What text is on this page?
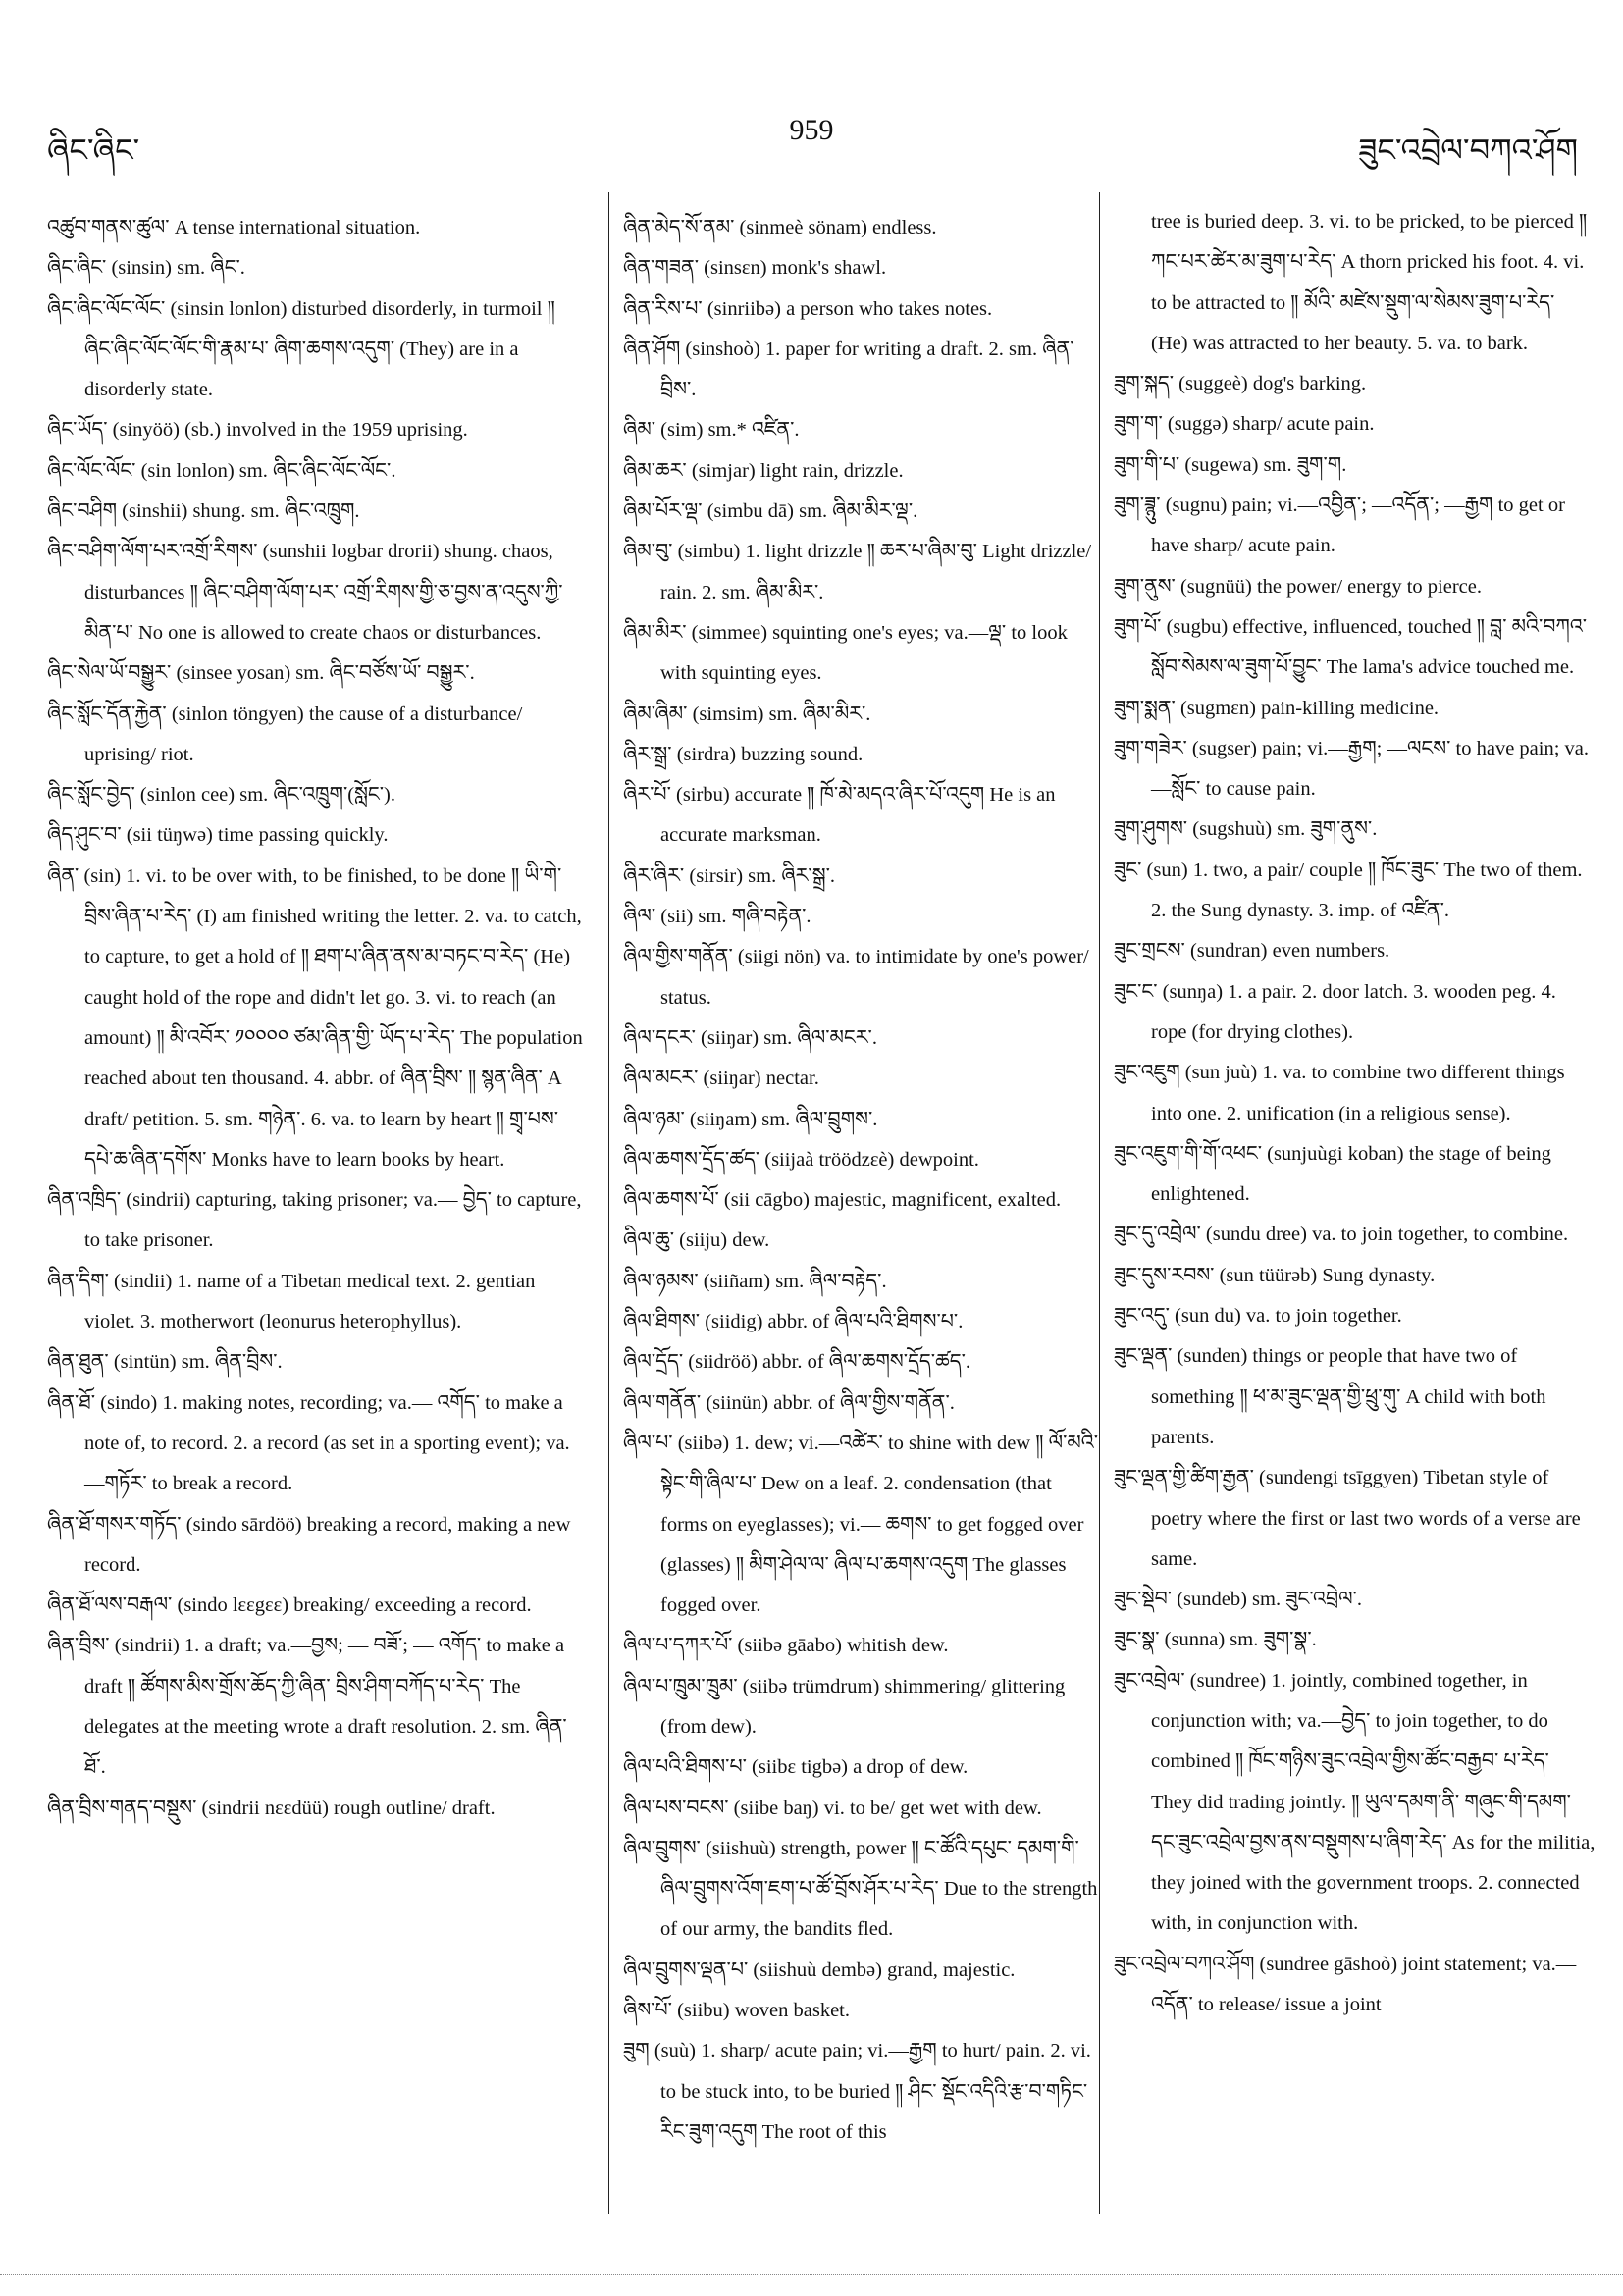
ཞིང་ཞིང་
959
ཟུང་འབྲེལ་བཀའ་ཤོག

འཚུབ་གནས་ཚུལ་ A tense international situation.

ཞིང་ཞིང་ (sinsin) sm. ཞིང་.

ཞིང་ཞིང་ལོང་ལོང་ (sinsin lonlon) disturbed disorderly, in turmoil ༎ ཞིང་ཞིང་ལོང་ལོང་གི་རྣམ་པ་ ཞིག་ཆགས་འདུག་ (They) are in a disorderly state.

ཞིང་ཡོད་ (sinyöö) (sb.) involved in the 1959 uprising.

ཞིང་ལོང་ལོང་ (sin lonlon) sm. ཞིང་ཞིང་ལོང་ལོང་.

ཞིང་བཤིག (sinshii) shung. sm. ཞིང་འཁྲུག.

ཞིང་བཤིག་ལོག་པར་འགྲོ་རིགས་ (sunshii logbar drorii) shung. chaos, disturbances ༎ ཞིང་བཤིག་ལོག་པར་ འགྲོ་རིགས་གྱི་ཅ་བྱས་ན་འདུས་ཀྱི་མིན་པ་ No one is allowed to create chaos or disturbances.

ཞིང་སེལ་ཡོ་བསྒྱུར་ (sinsee yosan) sm. ཞིང་བཙོས་ཡོ་ བསྒྱུར་.

ཞིང་སློང་དོན་རྐྱེན་ (sinlon töngyen) the cause of a disturbance/ uprising/ riot.

ཞིང་སློང་བྱེད་ (sinlon cee) sm. ཞིང་འཁྲུག་(སློང་).

ཞིད་ཤུང་བ་ (sii tüŋwə) time passing quickly.

ཞིན་ (sin) 1. vi. to be over with, to be finished, to be done ༎ ཡི་གེ་བྲིས་ཞིན་པ་རེད་ (I) am finished writing the letter. 2. va. to catch, to capture, to get a hold of ༎ ཐག་པ་ཞིན་ནས་མ་བཏང་བ་རེད་ (He) caught hold of the rope and didn't let go. 3. vi. to reach (an amount) ༎ མི་འབོར་ ༡༠༠༠༠ ཙམ་ཞིན་གྱི་ ཡོད་པ་རེད་ The population reached about ten thousand. 4. abbr. of ཞིན་བྲིས་ ༎ སྙན་ཞིན་ A draft/ petition. 5. sm. གཉེན་. 6. va. to learn by heart ༎ གྲྭ་པས་དཔེ་ཆ་ཞིན་དགོས་ Monks have to learn books by heart.

ཞིན་འཁྲིད་ (sindrii) capturing, taking prisoner; va.— བྱེད་ to capture, to take prisoner.

ཞིན་དིག་ (sindii) 1. name of a Tibetan medical text. 2. gentian violet. 3. motherwort (leonurus heterophyllus).

ཞིན་ཐུན་ (sintün) sm. ཞིན་བྲིས་.

ཞིན་ཐོ་ (sindo) 1. making notes, recording; va.— འགོད་ to make a note of, to record. 2. a record (as set in a sporting event); va.—གཏོར་ to break a record.

ཞིན་ཐོ་གསར་གཏོད་ (sindo sārdöö) breaking a record, making a new record.

ཞིན་ཐོ་ལས་བརྒལ་ (sindo lεεgεε) breaking/ exceeding a record.

ཞིན་བྲིས་ (sindrii) 1. a draft; va.—བྱས; — བཟོ་; — འགོད་ to make a draft ༎ ཚོགས་མིས་གྲོས་ཆོད་ཀྱི་ཞིན་ བྲིས་ཤིག་བཀོད་པ་རེད་ The delegates at the meeting wrote a draft resolution. 2. sm. ཞིན་ཐོ་.

ཞིན་བྲིས་གནད་བསྡུས་ (sindrii nεεdüü) rough outline/ draft.

ཞིན་མེད་སོ་ནམ་ (sinmeè sönam) endless.

ཞིན་གཟན་ (sinsεn) monk's shawl.

ཞིན་རིས་པ་ (sinriibə) a person who takes notes.

ཞིན་ཤོག (sinshoò) 1. paper for writing a draft. 2. sm. ཞིན་བྲིས་.

ཞིམ་ (sim) sm.* འཛིན་.

ཞིམ་ཆར་ (simjar) light rain, drizzle.

ཞིམ་པོར་ལྡ་ (simbu dā) sm. ཞིམ་མིར་ལྡ་.

ཞིམ་བུ་ (simbu) 1. light drizzle ༎ ཆར་པ་ཞིམ་བུ་ Light drizzle/ rain. 2. sm. ཞིམ་མིར་.

ཞིམ་མིར་ (simmee) squinting one's eyes; va.—ལྡ་ to look with squinting eyes.

ཞིམ་ཞིམ་ (simsim) sm. ཞིམ་མིར་.

ཞིར་སྒྲ་ (sirdra) buzzing sound.

ཞིར་པོ་ (sirbu) accurate ༎ ཁོ་མེ་མདའ་ཞིར་པོ་འདུག He is an accurate marksman.

ཞིར་ཞིར་ (sirsir) sm. ཞིར་སྒྲ་.

ཞིལ་ (sii) sm. གཞི་བརྟེན་.

ཞིལ་གྱིས་གནོན་ (siigi nön) va. to intimidate by one's power/ status.

ཞིལ་དངར་ (siiŋar) sm. ཞིལ་མངར་.

ཞིལ་མངར་ (siiŋar) nectar.

ཞིལ་ཉམ་ (siiŋam) sm. ཞིལ་བྲུགས་.

ཞིལ་ཆགས་དྲོད་ཚད་ (siijaà tröödzεè) dewpoint.

ཞིལ་ཆགས་པོ་ (sii cāgbo) majestic, magnificent, exalted.

ཞིལ་ཆུ་ (siiju) dew.

ཞིལ་ཉམས་ (siiñam) sm. ཞིལ་བརྟེད་.

ཞིལ་ཐིགས་ (siidig) abbr. of ཞིལ་པའི་ཐིགས་པ་.

ཞིལ་དྲོད་ (siidröö) abbr. of ཞིལ་ཆགས་དྲོད་ཚད་.

ཞིལ་གནོན་ (siinün) abbr. of ཞིལ་གྱིས་གནོན་.

ཞིལ་པ་ (siibə) 1. dew; vi.—འཚེར་ to shine with dew ༎ ལོ་མའི་སྟེང་གི་ཞིལ་པ་ Dew on a leaf. 2. condensation (that forms on eyeglasses); vi.— ཆགས་ to get fogged over (glasses) ༎ མིག་ཤེལ་ལ་ ཞིལ་པ་ཆགས་འདུག The glasses fogged over.

ཞིལ་པ་དཀར་པོ་ (siibə gāabo) whitish dew.

ཞིལ་པ་ཁྲུམ་ཁྲུམ་ (siibə trümdrum) shimmering/ glittering (from dew).

ཞིལ་པའི་ཐིགས་པ་ (siibε tigbə) a drop of dew.

ཞིལ་པས་བངས་ (siibe baŋ) vi. to be/ get wet with dew.

ཞིལ་བྲུགས་ (siishuù) strength, power ༎ ང་ཚོའི་དཔུང་ དམག་གི་ཞིལ་བྲུགས་འོག་ཇག་པ་ཚོ་བྲོས་ཤོར་པ་རེད་ Due to the strength of our army, the bandits fled.

ཞིལ་བྲུགས་ལྡན་པ་ (siishuù dembə) grand, majestic.

ཞིས་པོ་ (siibu) woven basket.

ཟུག (suù) 1. sharp/ acute pain; vi.—རྒྱག to hurt/ pain. 2. vi. to be stuck into, to be buried ༎ ཤིང་ སྡོང་འདིའི་རྩ་བ་གཏིང་རིང་ཟུག་འདུག The root of this

tree is buried deep. 3. vi. to be pricked, to be pierced ༎ ཀང་པར་ཚེར་མ་ཟུག་པ་རེད་ A thorn pricked his foot. 4. vi. to be attracted to ༎ མོའི་ མཛེས་སྡུག་ལ་སེམས་ཟུག་པ་རེད་ (He) was attracted to her beauty. 5. va. to bark.

ཟུག་སྐད་ (suggeè) dog's barking.

ཟུག་ག་ (suggə) sharp/ acute pain.

ཟུག་གི་པ་ (sugewa) sm. ཟུག་ག.

ཟུག་ཟྙུ་ (sugnu) pain; vi.—འབྱིན་; —འདོན་; —རྒྱག to get or have sharp/ acute pain.

ཟུག་ནུས་ (sugnüü) the power/ energy to pierce.

ཟུག་པོ་ (sugbu) effective, influenced, touched ༎ བླ་ མའི་བཀའ་སློབ་སེམས་ལ་ཟུག་པོ་བྱུང་ The lama's advice touched me.

ཟུག་སྨན་ (sugmεn) pain-killing medicine.

ཟུག་གཟེར་ (sugser) pain; vi.—རྒྱག; —ལངས་ to have pain; va.—སློང་ to cause pain.

ཟུག་ཤུགས་ (sugshuù) sm. ཟུག་ནུས་.

ཟུང་ (sun) 1. two, a pair/ couple ༎ ཁོང་ཟུང་ The two of them. 2. the Sung dynasty. 3. imp. of འཛིན་.

ཟུང་གྲངས་ (sundran) even numbers.

ཟུང་ང་ (sunŋa) 1. a pair. 2. door latch. 3. wooden peg. 4. rope (for drying clothes).

ཟུང་འཇུག (sun juù) 1. va. to combine two different things into one. 2. unification (in a religious sense).

ཟུང་འཇུག་གི་གོ་འཕང་ (sunjuùgi koban) the stage of being enlightened.

ཟུང་དུ་འབྲེལ་ (sundu dree) va. to join together, to combine.

ཟུང་དུས་རབས་ (sun tüürəb) Sung dynasty.

ཟུང་འདུ་ (sun du) va. to join together.

ཟུང་ལྡན་ (sunden) things or people that have two of something ༎ ཕ་མ་ཟུང་ལྡན་གྱི་ཕྲུ་གུ་ A child with both parents.

ཟུང་ལྡན་གྱི་ཚིག་རྒྱན་ (sundengi tsīggyen) Tibetan style of poetry where the first or last two words of a verse are same.

ཟུང་སྡེབ་ (sundeb) sm. ཟུང་འབྲེལ་.

ཟུང་སྣ་ (sunna) sm. ཟུག་སྣ་.

ཟུང་འབྲེལ་ (sundree) 1. jointly, combined together, in conjunction with; va.—བྱེད་ to join together, to do combined ༎ ཁོང་གཉིས་ཟུང་འབྲེལ་གྱིས་ཚོང་བརྒྱབ་ པ་རེད་ They did trading jointly. ༎ ཡུལ་དམག་ནི་ གཞུང་གི་དམག་དང་ཟུང་འབྲེལ་བྱས་ནས་བསྡུགས་པ་ཞིག་རེད་ As for the militia, they joined with the government troops. 2. connected with, in conjunction with.

ཟུང་འབྲེལ་བཀའ་ཤོག (sundree gāshoò) joint statement; va.—འདོན་ to release/ issue a joint
